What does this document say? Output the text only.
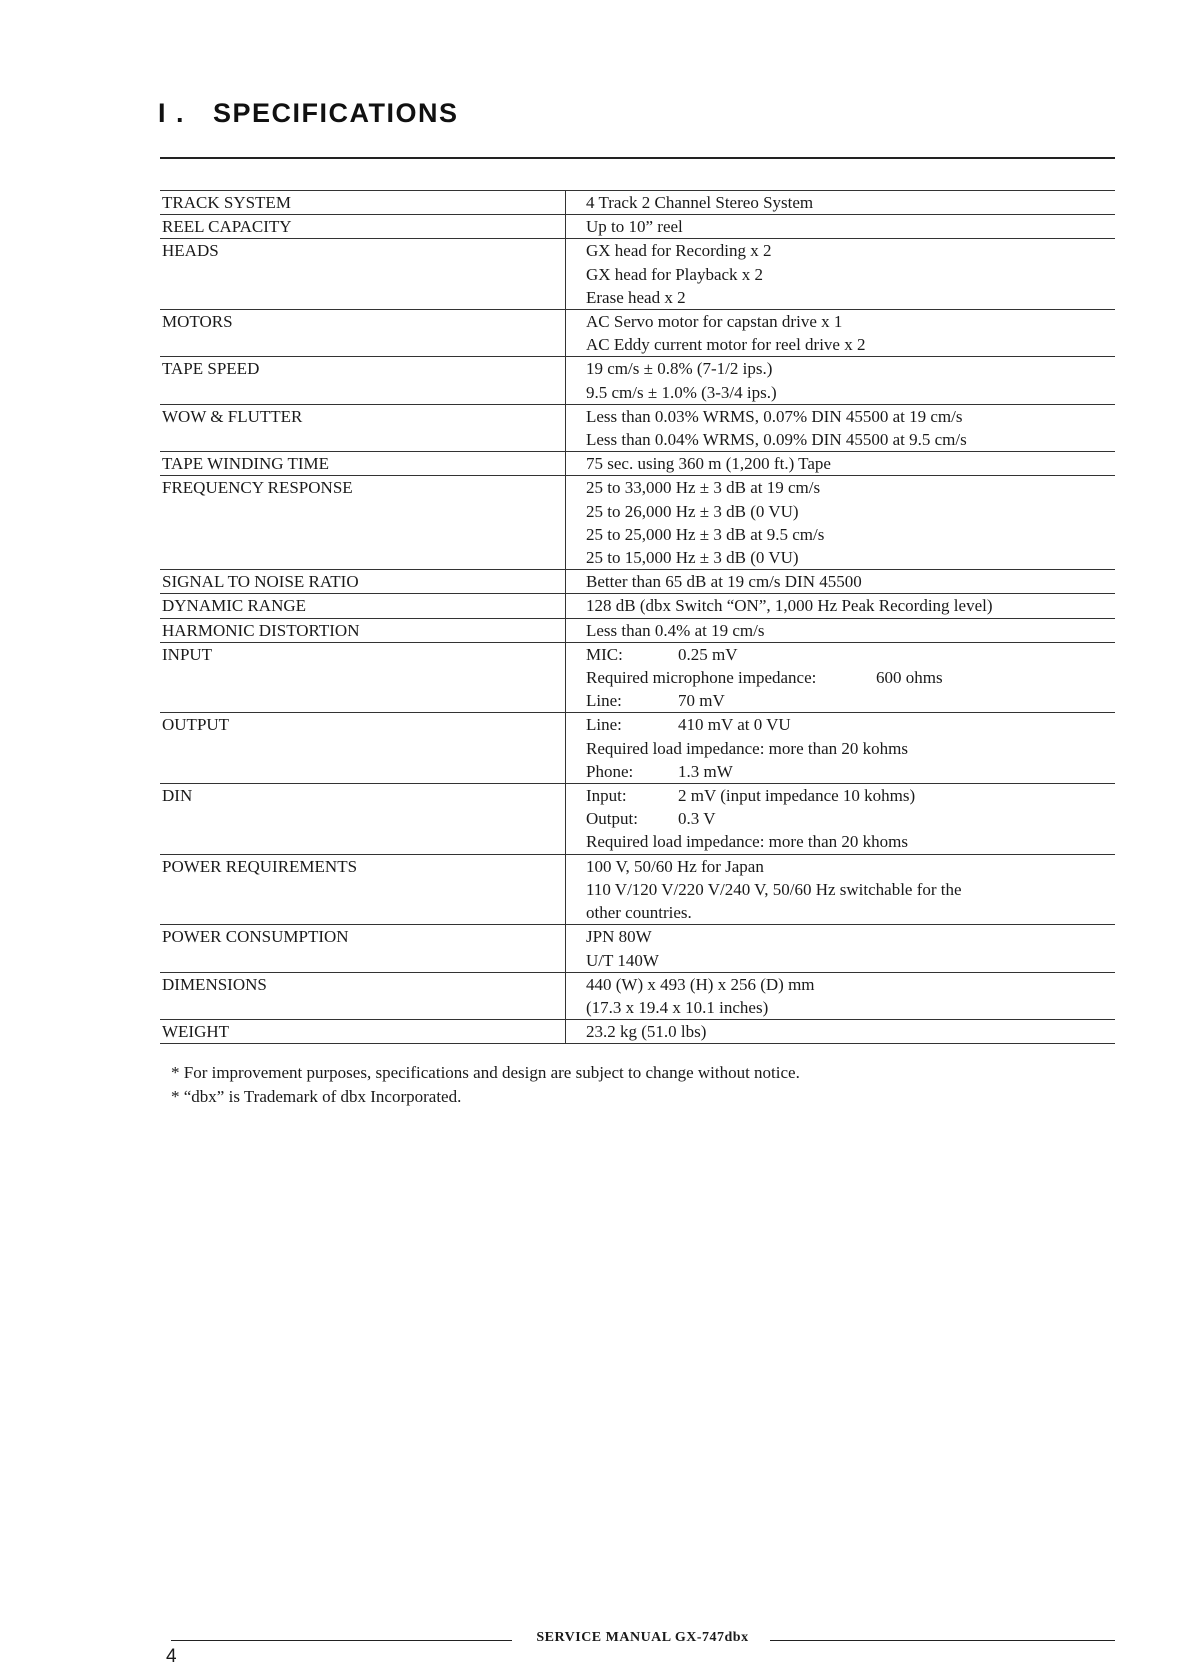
I . SPECIFICATIONS
TRACK SYSTEM	4 Track 2 Channel Stereo System
REEL CAPACITY	Up to 10” reel
HEADS	GX head for Recording x 2
GX head for Playback x 2
Erase head x 2
MOTORS	AC Servo motor for capstan drive x 1
AC Eddy current motor for reel drive x 2
TAPE SPEED	19 cm/s ± 0.8% (7-1/2 ips.)
9.5 cm/s ± 1.0% (3-3/4 ips.)
WOW & FLUTTER	Less than 0.03% WRMS, 0.07% DIN 45500 at 19 cm/s
Less than 0.04% WRMS, 0.09% DIN 45500 at 9.5 cm/s
TAPE WINDING TIME	75 sec. using 360 m (1,200 ft.) Tape
FREQUENCY RESPONSE	25 to 33,000 Hz ± 3 dB at 19 cm/s
25 to 26,000 Hz ± 3 dB (0 VU)
25 to 25,000 Hz ± 3 dB at 9.5 cm/s
25 to 15,000 Hz ± 3 dB (0 VU)
SIGNAL TO NOISE RATIO	Better than 65 dB at 19 cm/s DIN 45500
DYNAMIC RANGE	128 dB (dbx Switch “ON”, 1,000 Hz Peak Recording level)
HARMONIC DISTORTION	Less than 0.4% at 19 cm/s
INPUT	MIC:	0.25 mV
Required microphone impedance:	600 ohms
Line:	70 mV
OUTPUT	Line:	410 mV at 0 VU
Required load impedance: more than 20 kohms
Phone:	1.3 mW
DIN	Input:	2 mV (input impedance 10 kohms)
Output:	0.3 V
Required load impedance: more than 20 khoms
POWER REQUIREMENTS	100 V, 50/60 Hz for Japan
110 V/120 V/220 V/240 V, 50/60 Hz switchable for the
other countries.
POWER CONSUMPTION	JPN 80W
U/T 140W
DIMENSIONS	440 (W) x 493 (H) x 256 (D) mm
(17.3 x 19.4 x 10.1 inches)
WEIGHT	23.2 kg (51.0 lbs)
* For improvement purposes, specifications and design are subject to change without notice.
* “dbx” is Trademark of dbx Incorporated.
SERVICE MANUAL GX-747dbx
4
